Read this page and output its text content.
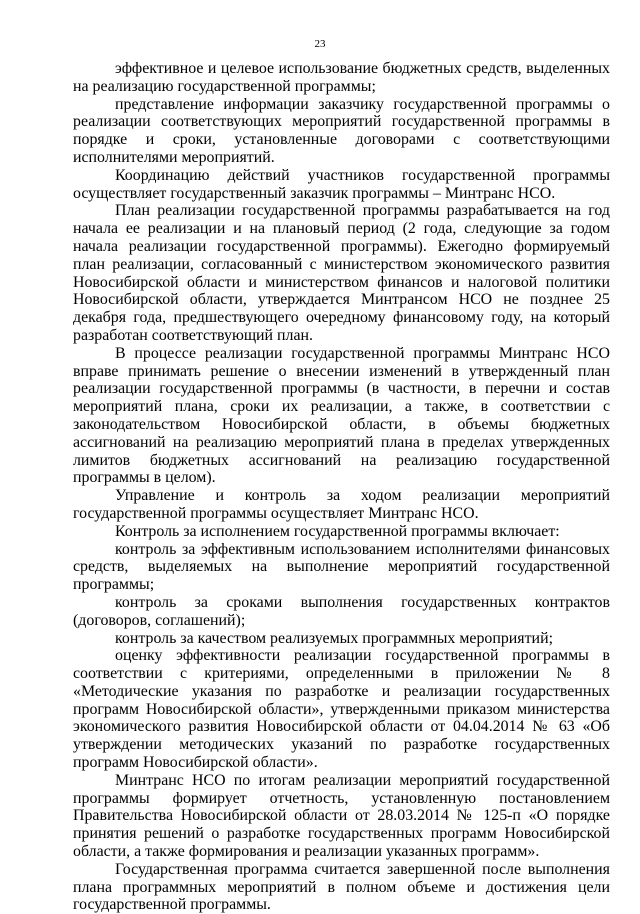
23

эффективное и целевое использование бюджетных средств, выделенных на реализацию государственной программы;

представление информации заказчику государственной программы о реализации соответствующих мероприятий государственной программы в порядке и сроки, установленные договорами с соответствующими исполнителями мероприятий.

Координацию действий участников государственной программы осуществляет государственный заказчик программы – Минтранс НСО.

План реализации государственной программы разрабатывается на год начала ее реализации и на плановый период (2 года, следующие за годом начала реализации государственной программы). Ежегодно формируемый план реализации, согласованный с министерством экономического развития Новосибирской области и министерством финансов и налоговой политики Новосибирской области, утверждается Минтрансом НСО не позднее 25 декабря года, предшествующего очередному финансовому году, на который разработан соответствующий план.

В процессе реализации государственной программы Минтранс НСО вправе принимать решение о внесении изменений в утвержденный план реализации государственной программы (в частности, в перечни и состав мероприятий плана, сроки их реализации, а также, в соответствии с законодательством Новосибирской области, в объемы бюджетных ассигнований на реализацию мероприятий плана в пределах утвержденных лимитов бюджетных ассигнований на реализацию государственной программы в целом).

Управление и контроль за ходом реализации мероприятий государственной программы осуществляет Минтранс НСО.

Контроль за исполнением государственной программы включает:

контроль за эффективным использованием исполнителями финансовых средств, выделяемых на выполнение мероприятий государственной программы;

контроль за сроками выполнения государственных контрактов (договоров, соглашений);

контроль за качеством реализуемых программных мероприятий;

оценку эффективности реализации государственной программы в соответствии с критериями, определенными в приложении № 8 «Методические указания по разработке и реализации государственных программ Новосибирской области», утвержденными приказом министерства экономического развития Новосибирской области от 04.04.2014 № 63 «Об утверждении методических указаний по разработке государственных программ Новосибирской области».

Минтранс НСО по итогам реализации мероприятий государственной программы формирует отчетность, установленную постановлением Правительства Новосибирской области от 28.03.2014 № 125-п «О порядке принятия решений о разработке государственных программ Новосибирской области, а также формирования и реализации указанных программ».

Государственная программа считается завершенной после выполнения плана программных мероприятий в полном объеме и достижения цели государственной программы.
